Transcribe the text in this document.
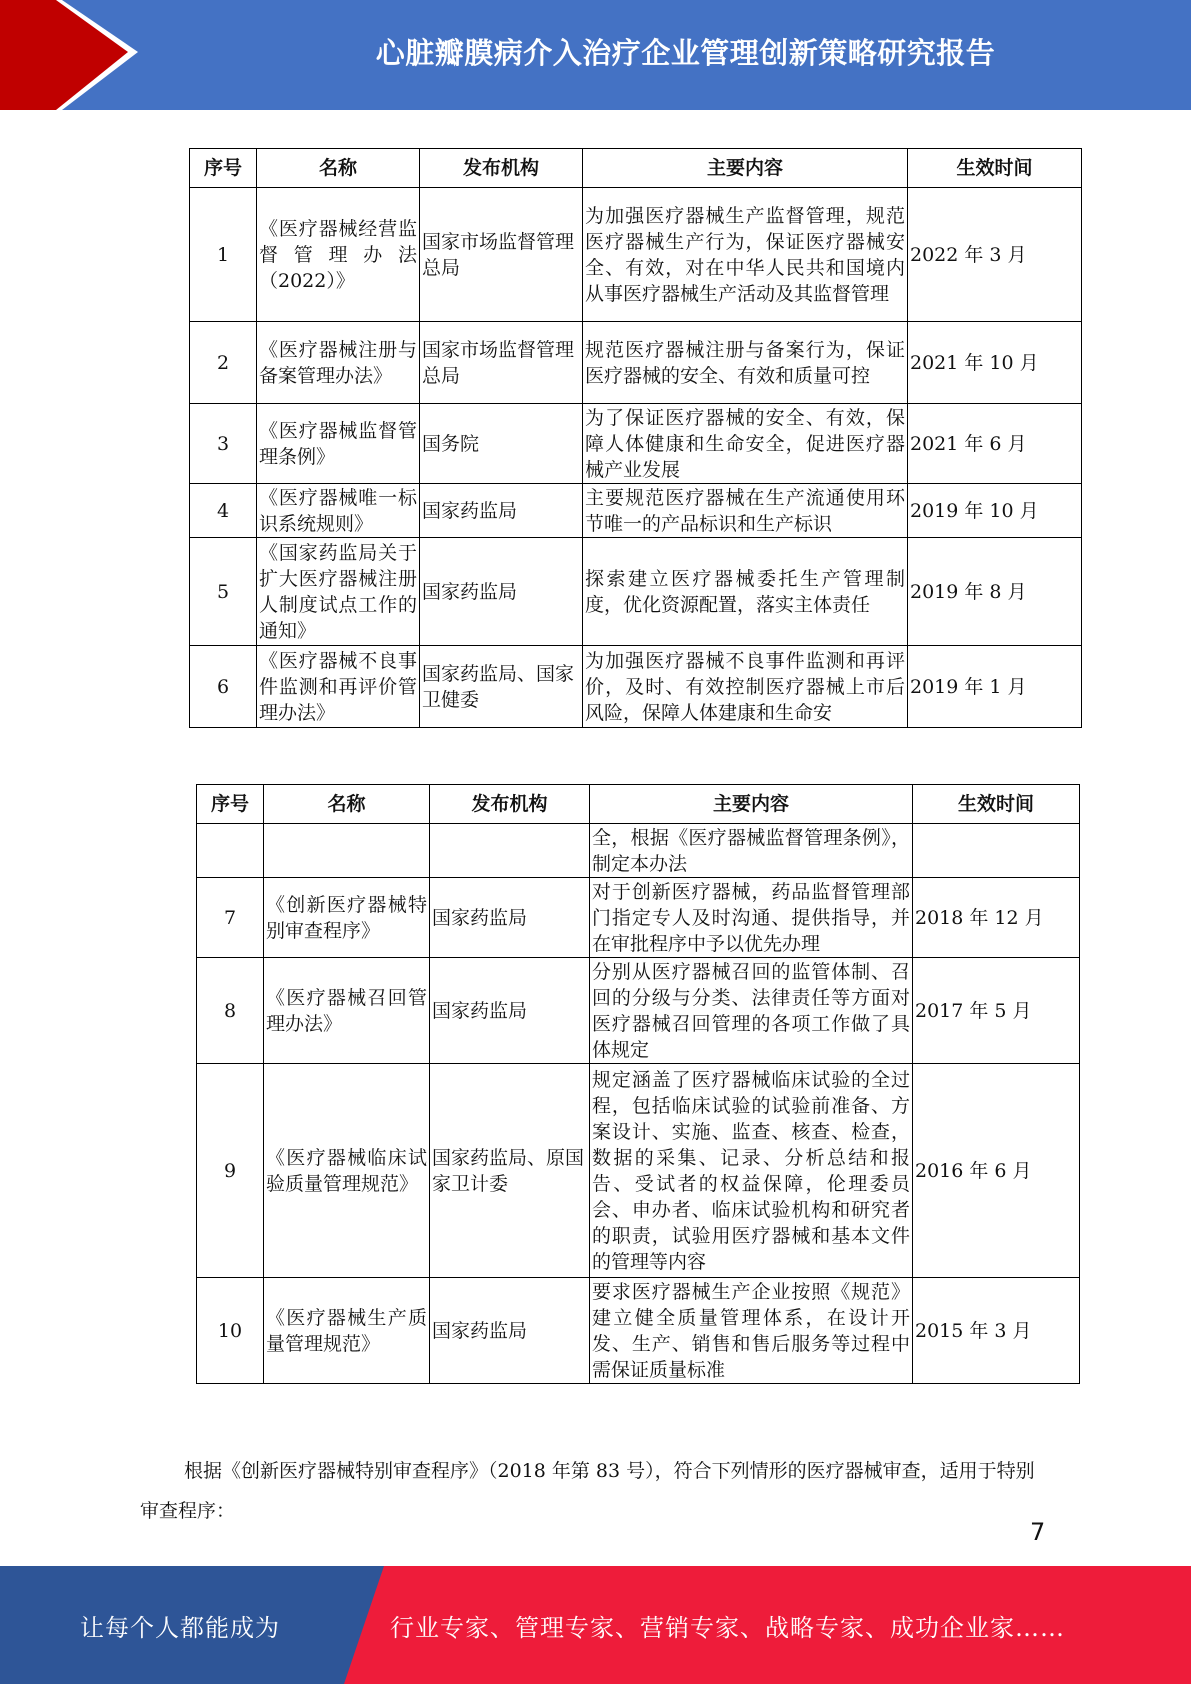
心脏瓣膜病介入治疗企业管理创新策略研究报告
序号	名称	发布机构	主要内容	生效时间
1	《医疗器械经营监督管理办法（2022）》	国家市场监督管理总局	为加强医疗器械生产监督管理，规范医疗器械生产行为，保证医疗器械安全、有效，对在中华人民共和国境内从事医疗器械生产活动及其监督管理	2022 年 3 月
2	《医疗器械注册与备案管理办法》	国家市场监督管理总局	规范医疗器械注册与备案行为，保证医疗器械的安全、有效和质量可控	2021 年 10 月
3	《医疗器械监督管理条例》	国务院	为了保证医疗器械的安全、有效，保障人体健康和生命安全，促进医疗器械产业发展	2021 年 6 月
4	《医疗器械唯一标识系统规则》	国家药监局	主要规范医疗器械在生产流通使用环节唯一的产品标识和生产标识	2019 年 10 月
5	《国家药监局关于扩大医疗器械注册人制度试点工作的通知》	国家药监局	探索建立医疗器械委托生产管理制度，优化资源配置，落实主体责任	2019 年 8 月
6	《医疗器械不良事件监测和再评价管理办法》	国家药监局、国家卫健委	为加强医疗器械不良事件监测和再评价，及时、有效控制医疗器械上市后风险，保障人体建康和生命安	2019 年 1 月
序号	名称	发布机构	主要内容	生效时间
			全，根据《医疗器械监督管理条例》，制定本办法	
7	《创新医疗器械特别审查程序》	国家药监局	对于创新医疗器械，药品监督管理部门指定专人及时沟通、提供指导，并在审批程序中予以优先办理	2018 年 12 月
8	《医疗器械召回管理办法》	国家药监局	分别从医疗器械召回的监管体制、召回的分级与分类、法律责任等方面对医疗器械召回管理的各项工作做了具体规定	2017 年 5 月
9	《医疗器械临床试验质量管理规范》	国家药监局、原国家卫计委	规定涵盖了医疗器械临床试验的全过程，包括临床试验的试验前准备、方案设计、实施、监查、核查、检查，数据的采集、记录、分析总结和报告、受试者的权益保障，伦理委员会、申办者、临床试验机构和研究者的职责，试验用医疗器械和基本文件的管理等内容	2016 年 6 月
10	《医疗器械生产质量管理规范》	国家药监局	要求医疗器械生产企业按照《规范》建立健全质量管理体系，在设计开发、生产、销售和售后服务等过程中需保证质量标准	2015 年 3 月

根据《创新医疗器械特别审查程序》（2018 年第 83 号），符合下列情形的医疗器械审查，适用于特别审查程序：

7
让每个人都能成为	行业专家、管理专家、营销专家、战略专家、成功企业家……
